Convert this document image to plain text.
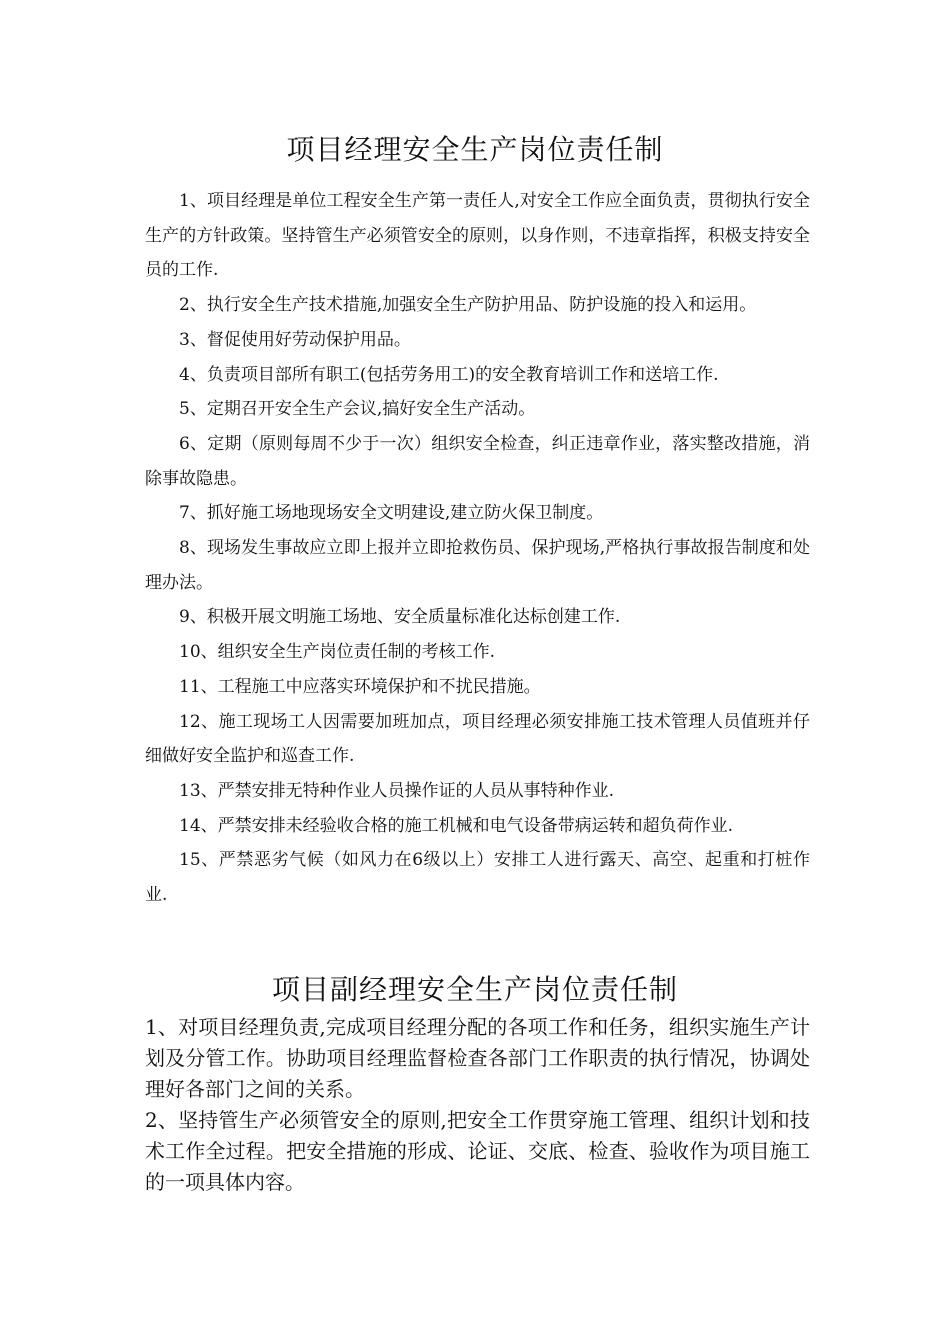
项目经理安全生产岗位责任制

1、项目经理是单位工程安全生产第一责任人,对安全工作应全面负责，贯彻执行安全生产的方针政策。坚持管生产必须管安全的原则，以身作则，不违章指挥，积极支持安全员的工作.

2、执行安全生产技术措施,加强安全生产防护用品、防护设施的投入和运用。

3、督促使用好劳动保护用品。

4、负责项目部所有职工(包括劳务用工)的安全教育培训工作和送培工作.

5、定期召开安全生产会议,搞好安全生产活动。

6、定期（原则每周不少于一次）组织安全检查，纠正违章作业，落实整改措施，消除事故隐患。

7、抓好施工场地现场安全文明建设,建立防火保卫制度。

8、现场发生事故应立即上报并立即抢救伤员、保护现场,严格执行事故报告制度和处理办法。

9、积极开展文明施工场地、安全质量标准化达标创建工作.

10、组织安全生产岗位责任制的考核工作.

11、工程施工中应落实环境保护和不扰民措施。

12、施工现场工人因需要加班加点，项目经理必须安排施工技术管理人员值班并仔细做好安全监护和巡查工作.

13、严禁安排无特种作业人员操作证的人员从事特种作业.

14、严禁安排未经验收合格的施工机械和电气设备带病运转和超负荷作业.

15、严禁恶劣气候（如风力在6级以上）安排工人进行露天、高空、起重和打桩作业.

项目副经理安全生产岗位责任制

1、对项目经理负责,完成项目经理分配的各项工作和任务，组织实施生产计划及分管工作。协助项目经理监督检查各部门工作职责的执行情况，协调处理好各部门之间的关系。

2、坚持管生产必须管安全的原则,把安全工作贯穿施工管理、组织计划和技术工作全过程。把安全措施的形成、论证、交底、检查、验收作为项目施工的一项具体内容。
